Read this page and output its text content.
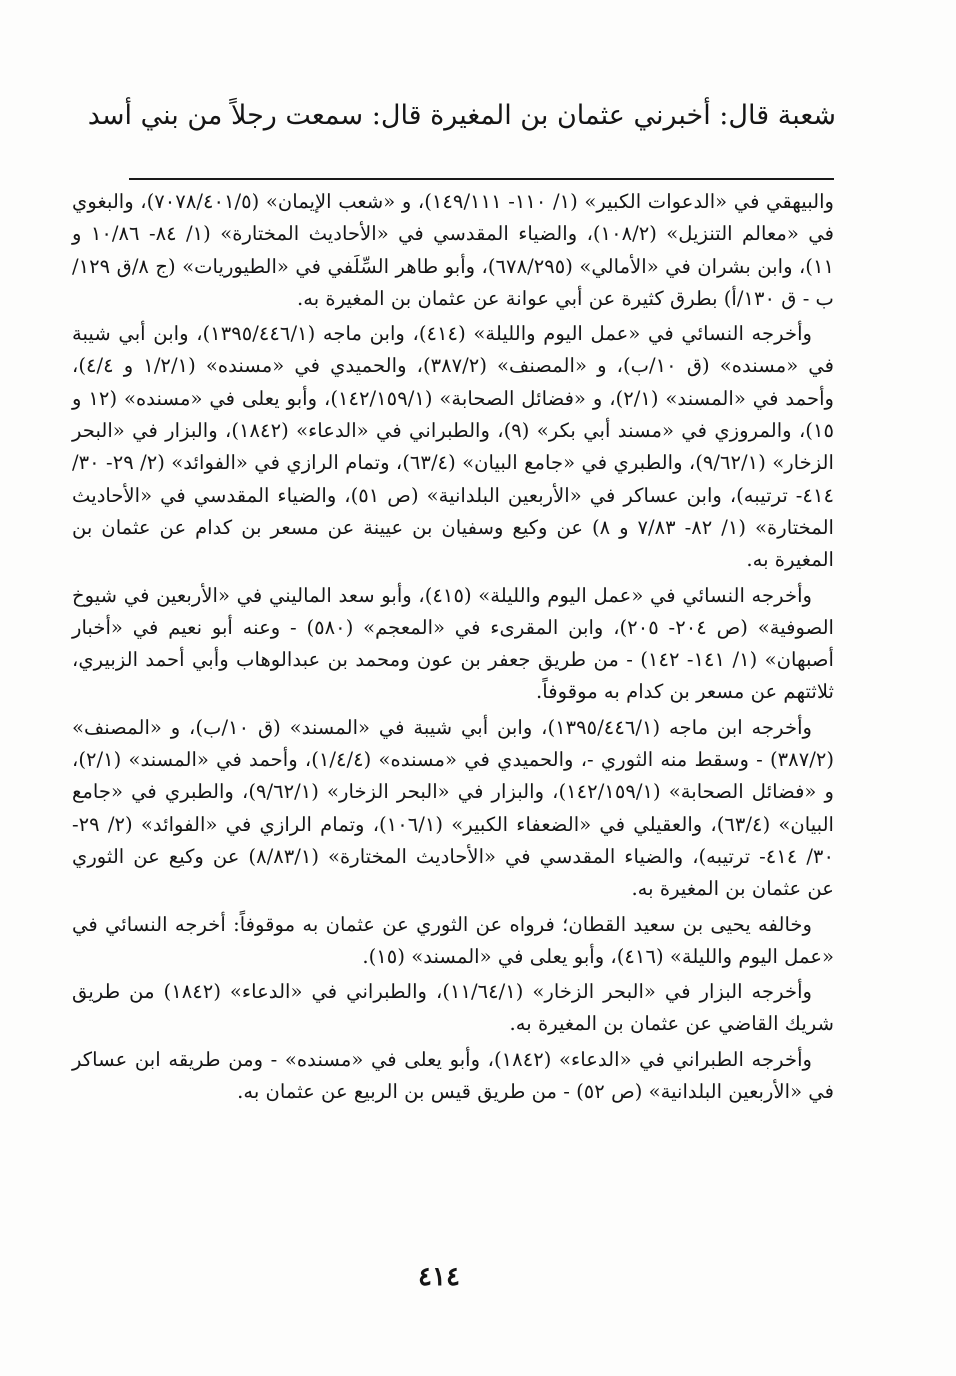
شعبة قال: أخبرني عثمان بن المغيرة قال: سمعت رجلاً من بني أسد

والبيهقي في «الدعوات الكبير» (١/ ١١٠- ١٤٩/١١١)، و «شعب الإيمان» (٧٠٧٨/٤٠١/٥)، والبغوي في «معالم التنزيل» (١٠٨/٢)، والضياء المقدسي في «الأحاديث المختارة» (١/ ٨٤- ١٠/٨٦ و ١١)، وابن بشران في «الأمالي» (٦٧٨/٢٩٥)، وأبو طاهر السِّلَفي في «الطيوريات» (ج ٨/ق ١٢٩/ب - ق ١٣٠/أ) بطرق كثيرة عن أبي عوانة عن عثمان بن المغيرة به.

وأخرجه النسائي في «عمل اليوم والليلة» (٤١٤)، وابن ماجه (١٣٩٥/٤٤٦/١)، وابن أبي شيبة في «مسنده» (ق ١٠/ب)، و «المصنف» (٣٨٧/٢)، والحميدي في «مسنده» (١/٢/١ و ٤/٤)، وأحمد في «المسند» (٢/١)، و «فضائل الصحابة» (١٤٢/١٥٩/١)، وأبو يعلى في «مسنده» (١٢ و ١٥)، والمروزي في «مسند أبي بكر» (٩)، والطبراني في «الدعاء» (١٨٤٢)، والبزار في «البحر الزخار» (٩/٦٢/١)، والطبري في «جامع البيان» (٦٣/٤)، وتمام الرازي في «الفوائد» (٢/ ٢٩- ٣٠/ ٤١٤- ترتيبه)، وابن عساكر في «الأربعين البلدانية» (ص ٥١)، والضياء المقدسي في «الأحاديث المختارة» (١/ ٨٢- ٧/٨٣ و ٨) عن وكيع وسفيان بن عيينة عن مسعر بن كدام عن عثمان بن المغيرة به.

وأخرجه النسائي في «عمل اليوم والليلة» (٤١٥)، وأبو سعد الماليني في «الأربعين في شيوخ الصوفية» (ص ٢٠٤- ٢٠٥)، وابن المقرىء في «المعجم» (٥٨٠) - وعنه أبو نعيم في «أخبار أصبهان» (١/ ١٤١- ١٤٢) - من طريق جعفر بن عون ومحمد بن عبدالوهاب وأبي أحمد الزبيري، ثلاثتهم عن مسعر بن كدام به موقوفاً.

وأخرجه ابن ماجه (١٣٩٥/٤٤٦/١)، وابن أبي شيبة في «المسند» (ق ١٠/ب)، و «المصنف» (٣٨٧/٢) - وسقط منه الثوري -، والحميدي في «مسنده» (١/٤/٤)، وأحمد في «المسند» (٢/١)، و «فضائل الصحابة» (١٤٢/١٥٩/١)، والبزار في «البحر الزخار» (٩/٦٢/١)، والطبري في «جامع البيان» (٦٣/٤)، والعقيلي في «الضعفاء الكبير» (١٠٦/١)، وتمام الرازي في «الفوائد» (٢/ ٢٩- ٣٠/ ٤١٤- ترتيبه)، والضياء المقدسي في «الأحاديث المختارة» (٨/٨٣/١) عن وكيع عن الثوري عن عثمان بن المغيرة به.

وخالفه يحيى بن سعيد القطان؛ فرواه عن الثوري عن عثمان به موقوفاً: أخرجه النسائي في «عمل اليوم والليلة» (٤١٦)، وأبو يعلى في «المسند» (١٥).

وأخرجه البزار في «البحر الزخار» (١١/٦٤/١)، والطبراني في «الدعاء» (١٨٤٢) من طريق شريك القاضي عن عثمان بن المغيرة به.

وأخرجه الطبراني في «الدعاء» (١٨٤٢)، وأبو يعلى في «مسنده» - ومن طريقه ابن عساكر في «الأربعين البلدانية» (ص ٥٢) - من طريق قيس بن الربيع عن عثمان به.

٤١٤
